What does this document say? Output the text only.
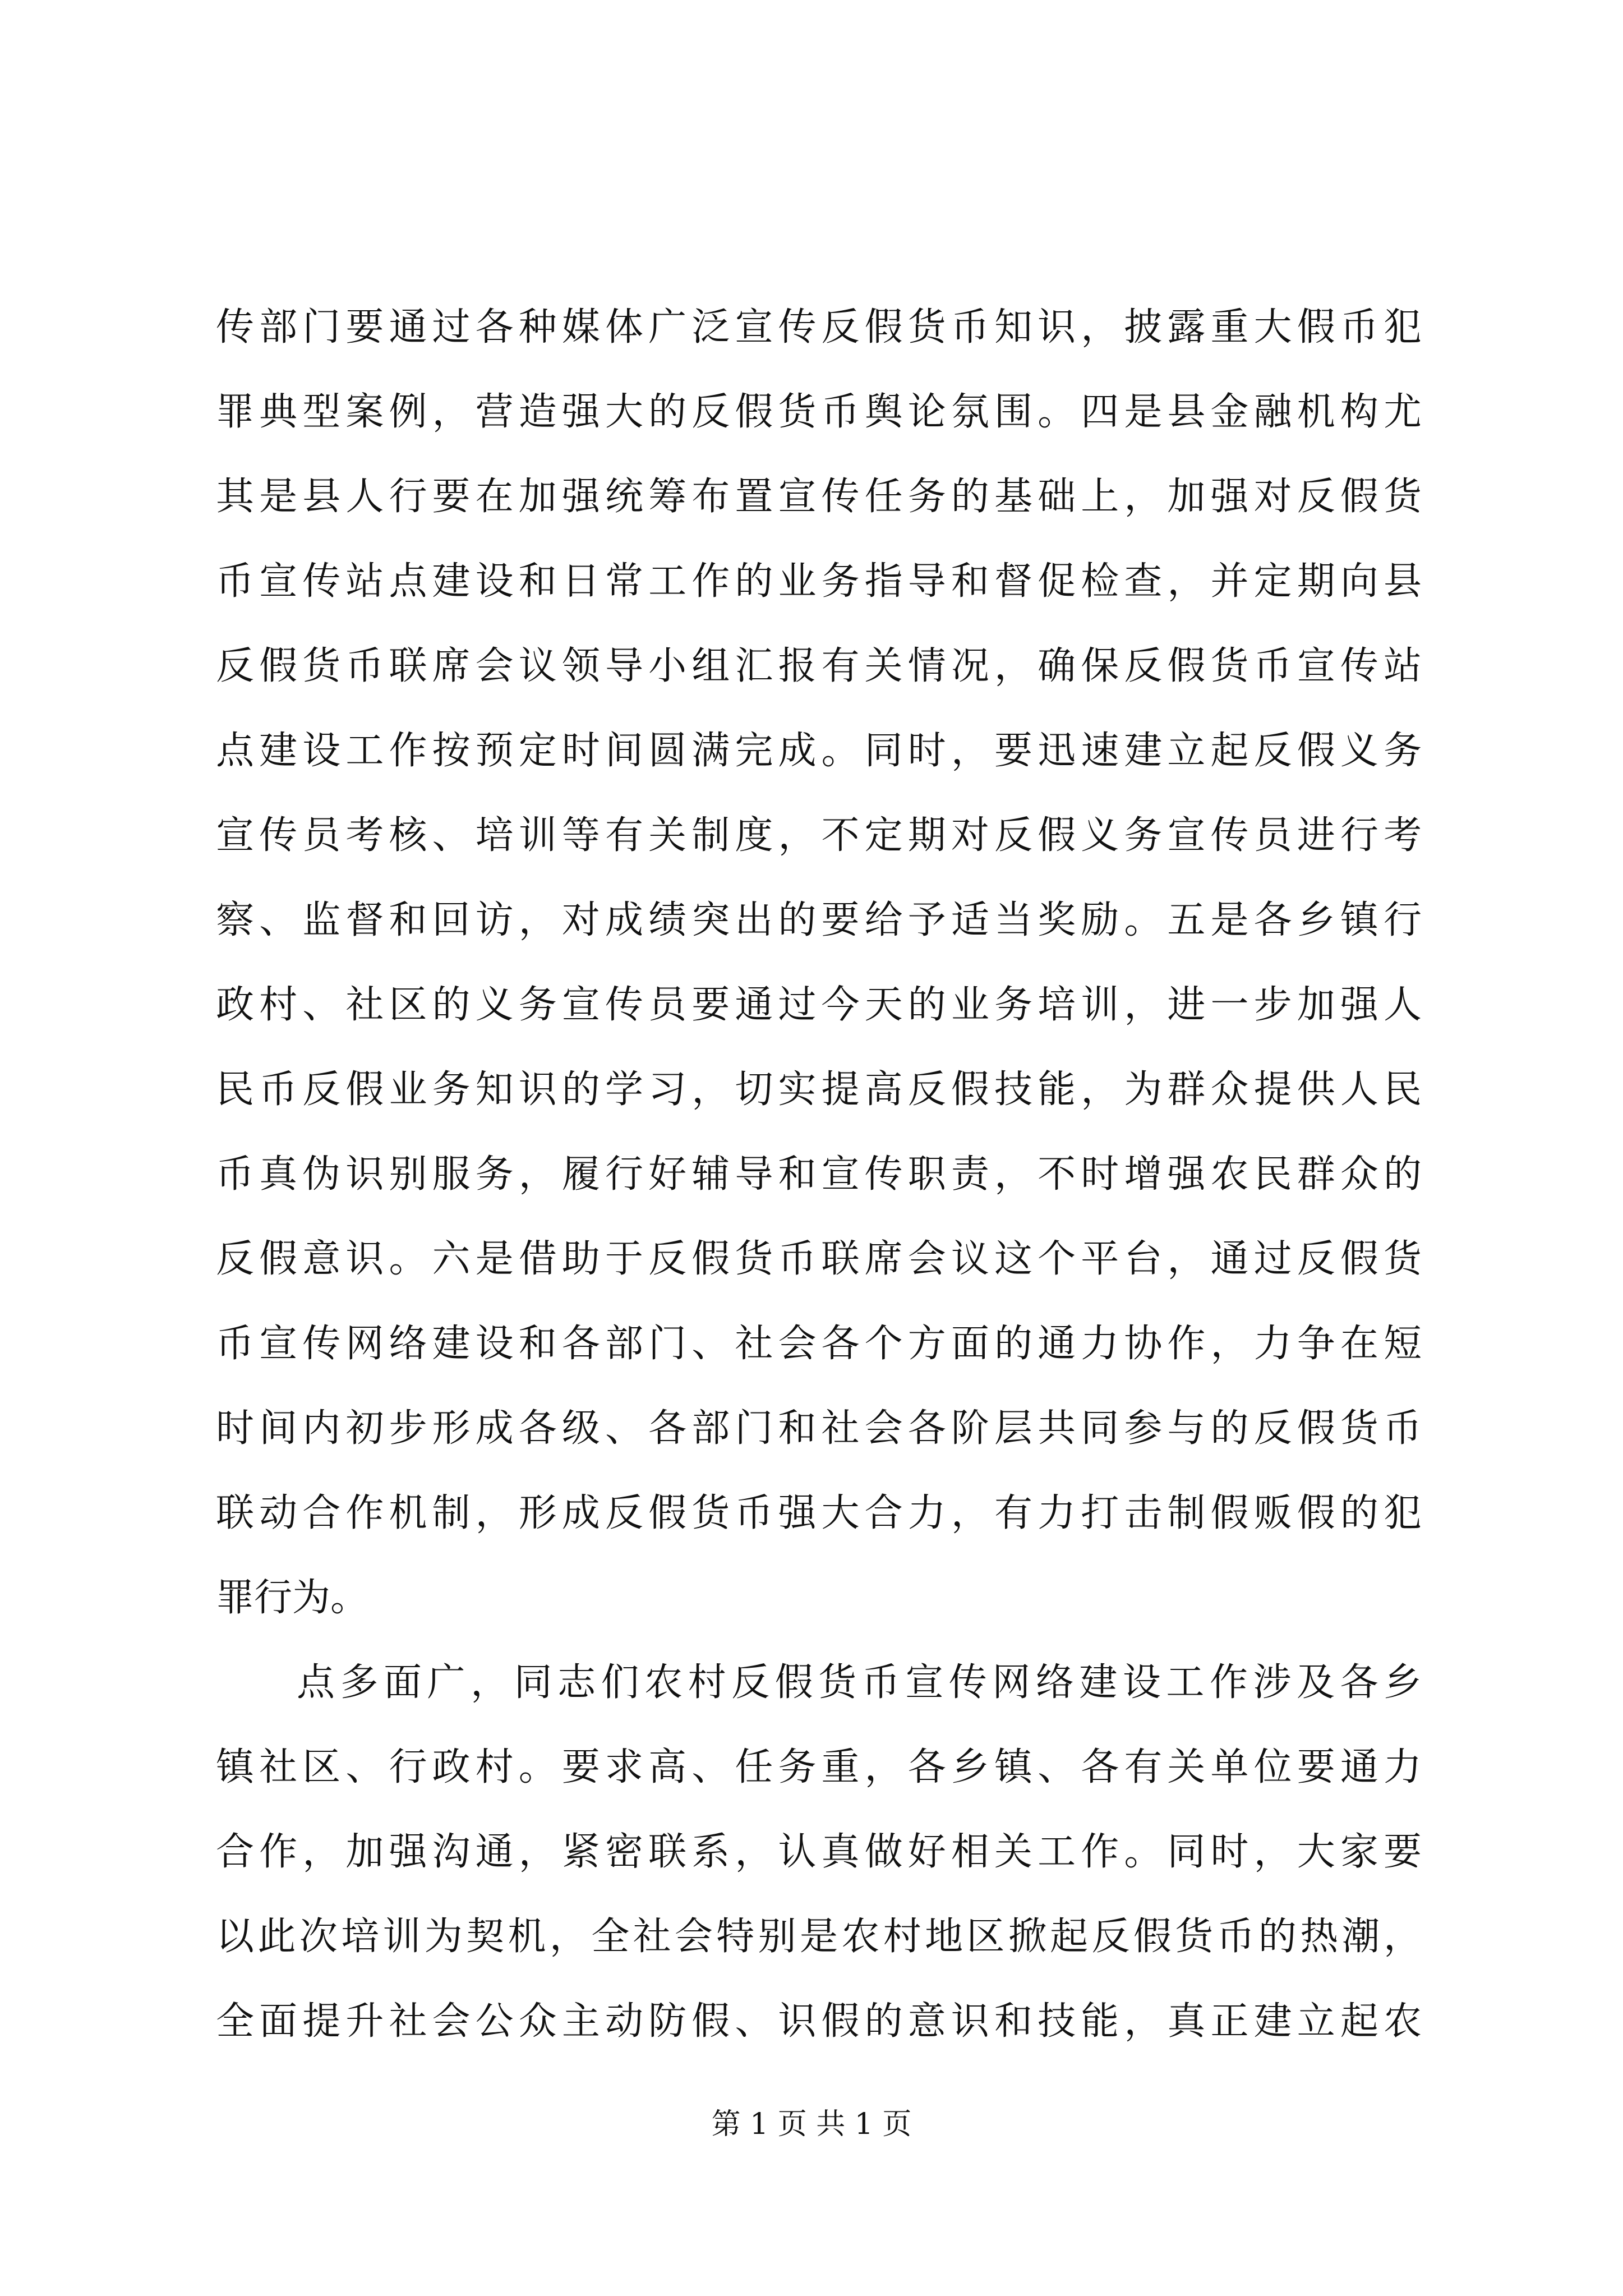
传部门要通过各种媒体广泛宣传反假货币知识，披露重大假币犯
罪典型案例，营造强大的反假货币舆论氛围。四是县金融机构尤
其是县人行要在加强统筹布置宣传任务的基础上，加强对反假货
币宣传站点建设和日常工作的业务指导和督促检查，并定期向县
反假货币联席会议领导小组汇报有关情况，确保反假货币宣传站
点建设工作按预定时间圆满完成。同时，要迅速建立起反假义务
宣传员考核、培训等有关制度，不定期对反假义务宣传员进行考
察、监督和回访，对成绩突出的要给予适当奖励。五是各乡镇行
政村、社区的义务宣传员要通过今天的业务培训，进一步加强人
民币反假业务知识的学习，切实提高反假技能，为群众提供人民
币真伪识别服务，履行好辅导和宣传职责，不时增强农民群众的
反假意识。六是借助于反假货币联席会议这个平台，通过反假货
币宣传网络建设和各部门、社会各个方面的通力协作，力争在短
时间内初步形成各级、各部门和社会各阶层共同参与的反假货币
联动合作机制，形成反假货币强大合力，有力打击制假贩假的犯
罪行为。
点多面广，同志们农村反假货币宣传网络建设工作涉及各乡
镇社区、行政村。要求高、任务重，各乡镇、各有关单位要通力
合作，加强沟通，紧密联系，认真做好相关工作。同时，大家要
以此次培训为契机，全社会特别是农村地区掀起反假货币的热潮，
全面提升社会公众主动防假、识假的意识和技能，真正建立起农
第 1 页 共 1 页
